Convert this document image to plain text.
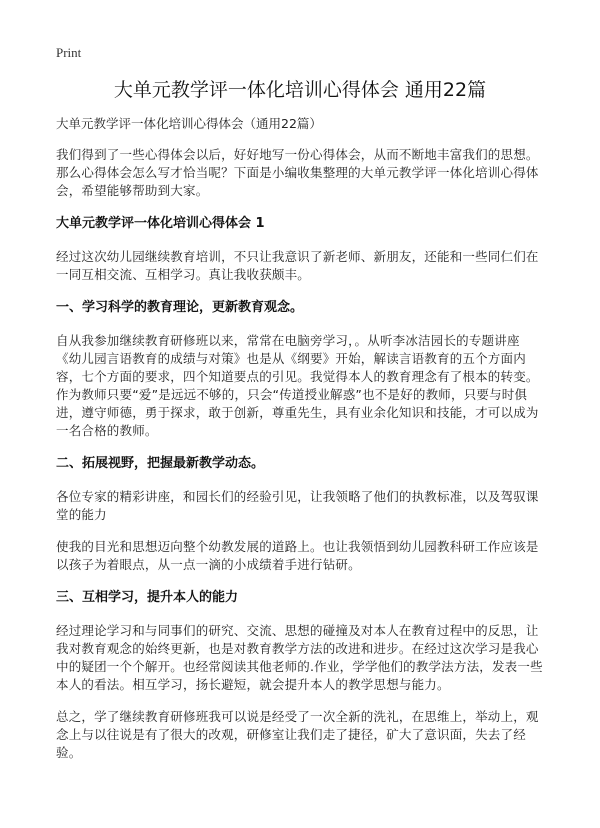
Print
大单元教学评一体化培训心得体会 通用22篇
大单元教学评一体化培训心得体会（通用22篇）

我们得到了一些心得体会以后，好好地写一份心得体会，从而不断地丰富我们的思想。那么心得体会怎么写才恰当呢？下面是小编收集整理的大单元教学评一体化培训心得体会，希望能够帮助到大家。

大单元教学评一体化培训心得体会 1

经过这次幼儿园继续教育培训，不只让我意识了新老师、新朋友，还能和一些同仁们在一同互相交流、互相学习。真让我收获颇丰。

一、学习科学的教育理论，更新教育观念。

自从我参加继续教育研修班以来，常常在电脑旁学习，。从听李冰洁园长的专题讲座《幼儿园言语教育的成绩与对策》也是从《纲要》开始，解读言语教育的五个方面内容，七个方面的要求，四个知道要点的引见。我觉得本人的教育理念有了根本的转变。作为教师只要“爱”是远远不够的，只会“传道授业解惑”也不是好的教师，只要与时俱进，遵守师德，勇于探求，敢于创新，尊重先生，具有业余化知识和技能，才可以成为一名合格的教师。

二、拓展视野，把握最新教学动态。

各位专家的精彩讲座，和园长们的经验引见，让我领略了他们的执教标准，以及驾驭课堂的能力

使我的目光和思想迈向整个幼教发展的道路上。也让我领悟到幼儿园教科研工作应该是以孩子为着眼点，从一点一滴的小成绩着手进行钻研。

三、互相学习，提升本人的能力

经过理论学习和与同事们的研究、交流、思想的碰撞及对本人在教育过程中的反思，让我对教育观念的始终更新，也是对教育教学方法的改进和进步。在经过这次学习是我心中的疑团一个个解开。也经常阅读其他老师的.作业，学学他们的教学法方法，发表一些本人的看法。相互学习，扬长避短，就会提升本人的教学思想与能力。

总之，学了继续教育研修班我可以说是经受了一次全新的洗礼，在思维上，举动上，观念上与以往说是有了很大的改观，研修室让我们走了捷径，矿大了意识面，失去了经验。
